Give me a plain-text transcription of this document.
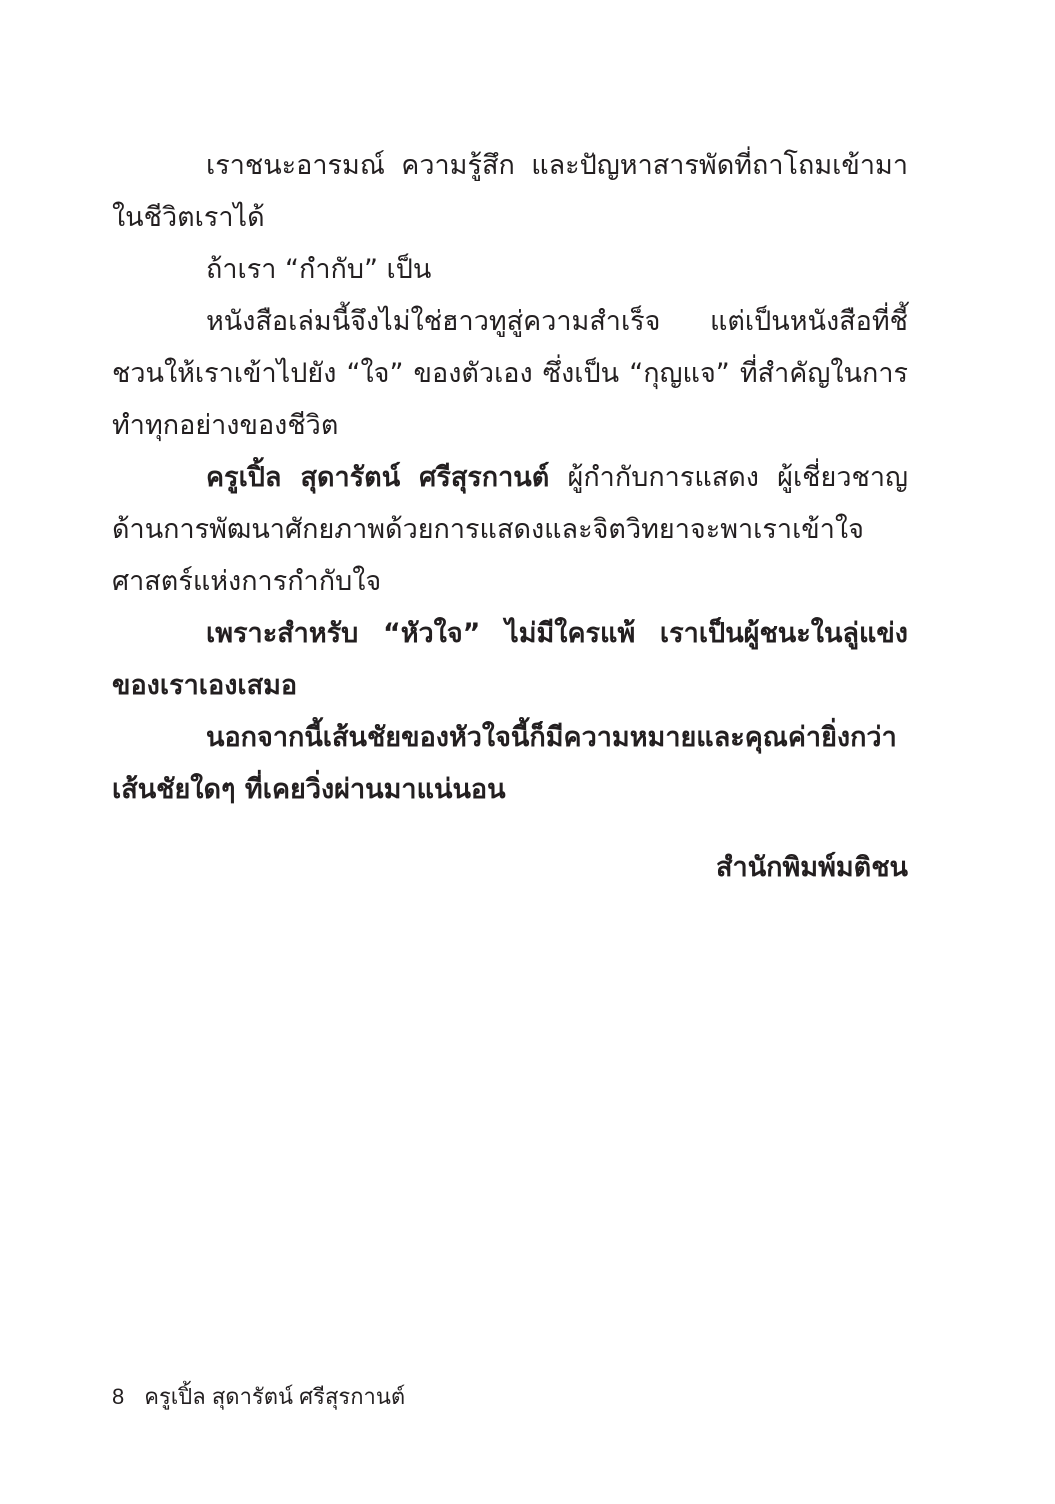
เราชนะอารมณ์ ความรู้สึก และปัญหาสารพัดที่ถาโถมเข้ามาในชีวิตเราได้

ถ้าเรา “กำกับ” เป็น

หนังสือเล่มนี้จึงไม่ใช่ฮาวทูสู่ความสำเร็จ แต่เป็นหนังสือที่ชี้ชวนให้เราเข้าไปยัง “ใจ” ของตัวเอง ซึ่งเป็น “กุญแจ” ที่สำคัญในการทำทุกอย่างของชีวิต

ครูเปิ้ล สุดารัตน์ ศรีสุรกานต์ ผู้กำกับการแสดง ผู้เชี่ยวชาญด้านการพัฒนาศักยภาพด้วยการแสดงและจิตวิทยาจะพาเราเข้าใจศาสตร์แห่งการกำกับใจ

เพราะสำหรับ “หัวใจ” ไม่มีใครแพ้ เราเป็นผู้ชนะในลู่แข่งของเราเองเสมอ

นอกจากนี้เส้นชัยของหัวใจนี้ก็มีความหมายและคุณค่ายิ่งกว่าเส้นชัยใดๆ ที่เคยวิ่งผ่านมาแน่นอน

สำนักพิมพ์มติชน
8 ครูเปิ้ล สุดารัตน์ ศรีสุรกานต์
